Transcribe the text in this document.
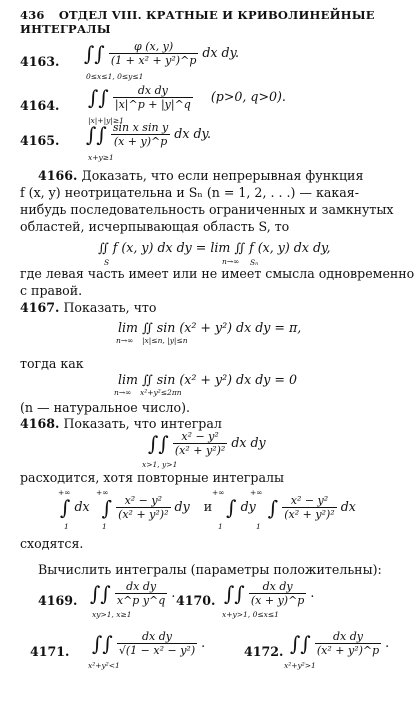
436 ОТДЕЛ VIII. КРАТНЫЕ И КРИВОЛИНЕЙНЫЕ ИНТЕГРАЛЫ
4163. ∫∫ $\frac{\varphi (x, y)}{\text{(1 + x² + y²)\textasciicircum{}p}}$ dx dy.
0≤x≤1, 0≤y≤1
4164. ∫∫ $\frac{\text{dx dy}}{|x|\^{}p + |y|\^{}q} (p>0$, q>0).
|x|+|y|≥1
4165. ∫∫ $\frac{\text{sin x sin y}}{(x + y)\^{}p}$ dx dy.
x+y≥1
4166. Доказать, что если непрерывная функция
f (x, y) неотрицательна и Sₙ (n = 1, 2, . . .) — какая-
нибудь последовательность ограниченных и замкнутых
областей, исчерпывающая область S, то
∬ f (x, y) dx dy = lim ∬ f (x, y) dx dy,
S	n→∞ Sₙ
где левая часть имеет или не имеет смысла одновременно
с правой.
4167. Показать, что
lim ∬ sin (x² + y²) dx dy = π,
n→∞ |x|≤n, |y|≤n
тогда как
lim ∬ sin (x² + y²) dx dy = 0
n→∞ x²+y²≤2πn
(n — натуральное число).
4168. Показать, что интеграл
∫∫ $\frac{\text{x² − y²}}{\text{(x² + y²)²}}$ dx dy
x>1, y>1
расходится, хотя повторные интегралы
∫ dx ∫ $\frac{\text{x² − y²}}{\text{(x² + y²)²}}$ dy и ∫ dy ∫ $\frac{\text{x² − y²}}{\text{(x² + y²)²}}$ dx
+∞	+∞	+∞	+∞
1	1	1	1
сходятся.
Вычислить интегралы (параметры положительны):
4169. ∫∫ $\frac{\text{dx dy}}{\text{x\textasciicircum{}p y\textasciicircum{}q}}$ .
xy>1, x≥1
4170. ∫∫ $\frac{\text{dx dy}}{(x + y)\^{}p}$ .
x+y>1, 0≤x≤1
4171. ∫∫ $\frac{\text{dx dy}}{\text{√(1 − x² − y²)}}$ .
x²+y²<1
4172. ∫∫ $\frac{\text{dx dy}}{\text{(x² + y²)\textasciicircum{}p}}$ .
x²+y²>1
